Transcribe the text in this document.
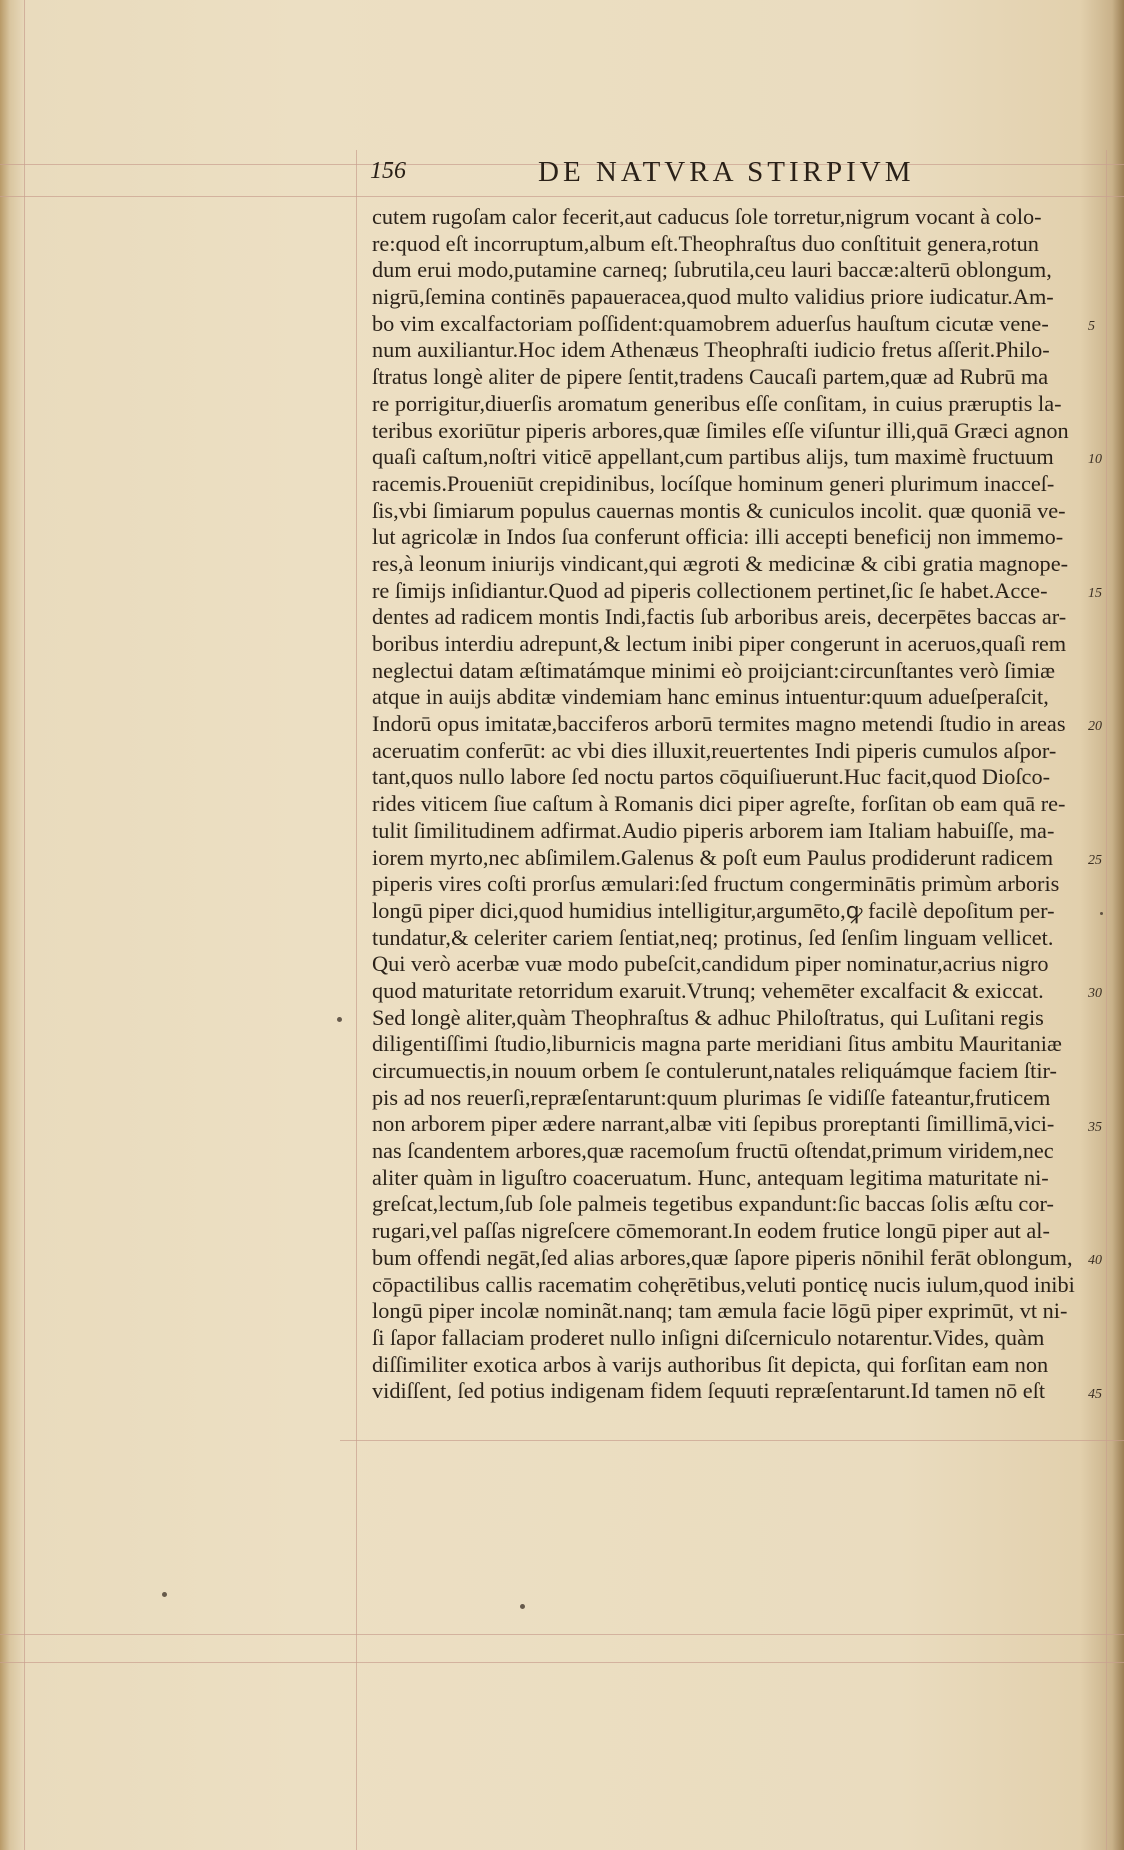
156	DE NATVRA STIRPIVM
cutem rugoſam calor fecerit,aut caducus ſole torretur,nigrum vocant à colo-
re:quod eſt incorruptum,album eſt.Theophraſtus duo conſtituit genera,rotun
dum erui modo,putamine carneq; ſubrutila,ceu lauri baccæ:alterū oblongum,
nigrū,ſemina continēs papaueracea,quod multo validius priore iudicatur.Am-
bo vim excalfactoriam poſſident:quamobrem aduerſus hauſtum cicutæ vene-
num auxiliantur.Hoc idem Athenæus Theophraſti iudicio fretus aſſerit.Philo-
ſtratus longè aliter de pipere ſentit,tradens Caucaſi partem,quæ ad Rubrū ma
re porrigitur,diuerſis aromatum generibus eſſe conſitam, in cuius præruptis la-
teribus exoriūtur piperis arbores,quæ ſimiles eſſe viſuntur illi,quā Græci agnon
quaſi caſtum,noſtri viticē appellant,cum partibus aliјs, tum maximè fructuum
racemis.Proueniūt crepidinibus, locíſque hominum generi plurimum inacceſ-
ſis,vbi ſimiarum populus cauernas montis & cuniculos incolit. quæ quoniā ve-
lut agricolæ in Indos ſua conferunt officia: illi accepti beneficiј non immemo-
res,à leonum iniuriјs vindicant,qui ægroti & medicinæ & cibi gratia magnope-
re ſimiјs inſidiantur.Quod ad piperis collectionem pertinet,ſic ſe habet.Acce-
dentes ad radicem montis Indi,factis ſub arboribus areis, decerpētes baccas ar-
boribus interdiu adrepunt,& lectum inibi piper congerunt in aceruos,quaſi rem
neglectui datam æſtimatámque minimi eò proiјciant:circunſtantes verò ſimiæ
atque in auiјs abditæ vindemiam hanc eminus intuentur:quum adueſperaſcit,
Indorū opus imitatæ,bacciferos arborū termites magno metendi ſtudio in areas
aceruatim conferūt: ac vbi dies illuxit,reuertentes Indi piperis cumulos aſpor-
tant,quos nullo labore ſed noctu partos cōquiſiuerunt.Huc facit,quod Dioſco-
rides viticem ſiue caſtum à Romanis dici piper agreſte, forſitan ob eam quā re-
tulit ſimilitudinem adfirmat.Audio piperis arborem iam Italiam habuiſſe, ma-
iorem myrto,nec abſimilem.Galenus & poſt eum Paulus prodiderunt radicem
piperis vires coſti prorſus æmulari:ſed fructum congerminātis primùm arboris
longū piper dici,quod humidius intelligitur,argumēto,ꝙ facilè depoſitum per-
tundatur,& celeriter cariem ſentiat,neq; protinus, ſed ſenſim linguam vellicet.
Qui verò acerbæ vuæ modo pubeſcit,candidum piper nominatur,acrius nigro
quod maturitate retorridum exaruit.Vtrunq; vehemēter excalfacit & exiccat.
Sed longè aliter,quàm Theophraſtus & adhuc Philoſtratus, qui Luſitani regis
diligentiſſimi ſtudio,liburnicis magna parte meridiani ſitus ambitu Mauritaniæ
circumuectis,in nouum orbem ſe contulerunt,natales reliquámque faciem ſtir-
pis ad nos reuerſi,repræſentarunt:quum plurimas ſe vidiſſe fateantur,fruticem
non arborem piper ædere narrant,albæ viti ſepibus proreptanti ſimillimā,vici-
nas ſcandentem arbores,quæ racemoſum fructū oſtendat,primum viridem,nec
aliter quàm in liguſtro coaceruatum. Hunc, antequam legitima maturitate ni-
greſcat,lectum,ſub ſole palmeis tegetibus expandunt:ſic baccas ſolis æſtu cor-
rugari,vel paſſas nigreſcere cōmemorant.In eodem frutice longū piper aut al-
bum offendi negāt,ſed alias arbores,quæ ſapore piperis nōnihil ferāt oblongum,
cōpactilibus callis racematim cohęrētibus,veluti ponticę nucis iulum,quod inibi
longū piper incolæ nominãt.nanq; tam æmula facie lōgū piper exprimūt, vt ni-
ſi ſapor fallaciam proderet nullo inſigni diſcerniculo notarentur.Vides, quàm
diſſimiliter exotica arbos à variјs authoribus ſit depicta, qui forſitan eam non
vidiſſent, ſed potius indigenam fidem ſequuti repræſentarunt.Id tamen nō eſt
5
10
15
20
25
30
35
40
45
